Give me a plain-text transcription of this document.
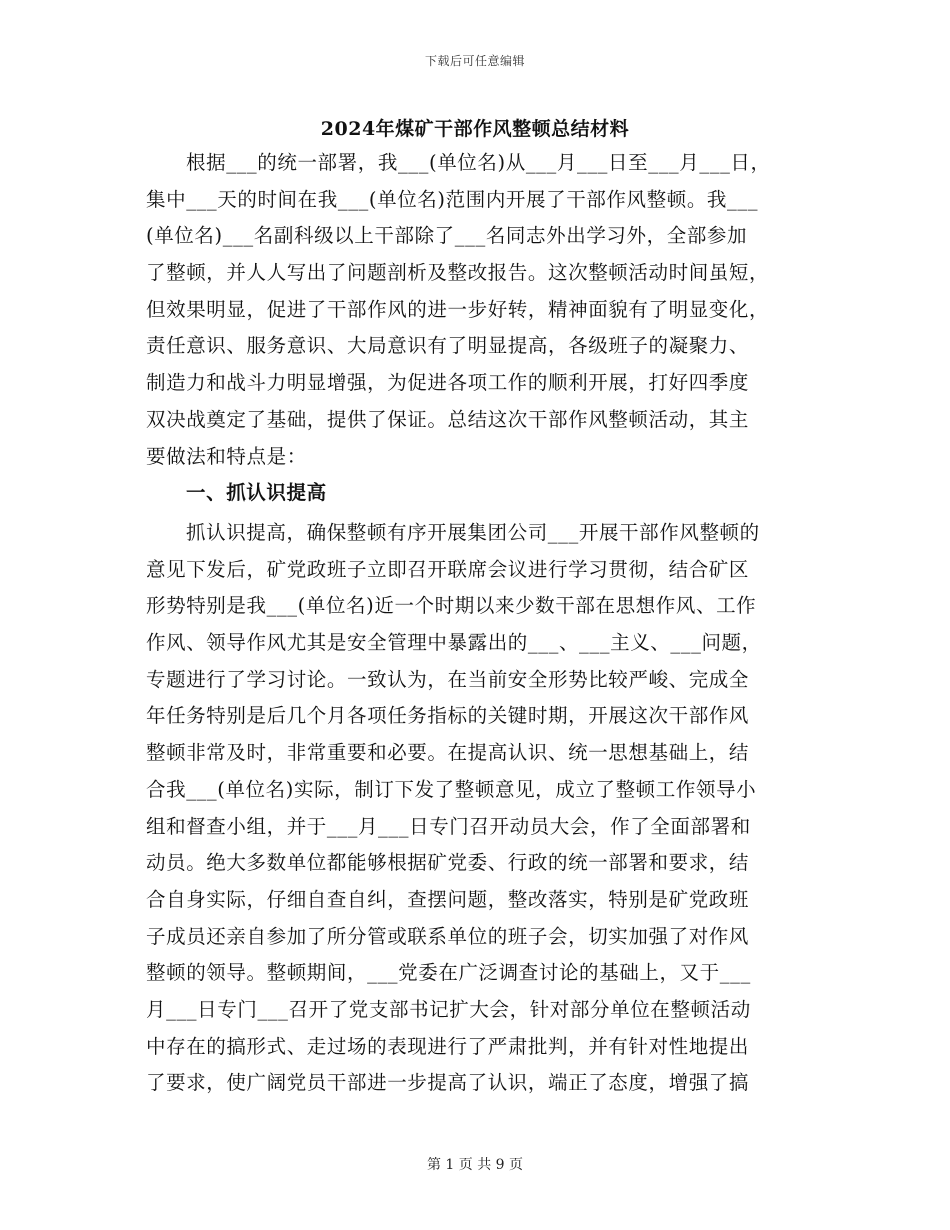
下载后可任意编辑
2024年煤矿干部作风整顿总结材料
根据___的统一部署，我___(单位名)从___月___日至___月___日，
集中___天的时间在我___(单位名)范围内开展了干部作风整顿。我___
(单位名)___名副科级以上干部除了___名同志外出学习外，全部参加
了整顿，并人人写出了问题剖析及整改报告。这次整顿活动时间虽短，
但效果明显，促进了干部作风的进一步好转，精神面貌有了明显变化，
责任意识、服务意识、大局意识有了明显提高，各级班子的凝聚力、
制造力和战斗力明显增强，为促进各项工作的顺利开展，打好四季度
双决战奠定了基础，提供了保证。总结这次干部作风整顿活动，其主
要做法和特点是：
一、抓认识提高
抓认识提高，确保整顿有序开展集团公司___开展干部作风整顿的
意见下发后，矿党政班子立即召开联席会议进行学习贯彻，结合矿区
形势特别是我___(单位名)近一个时期以来少数干部在思想作风、工作
作风、领导作风尤其是安全管理中暴露出的___、___主义、___问题，
专题进行了学习讨论。一致认为，在当前安全形势比较严峻、完成全
年任务特别是后几个月各项任务指标的关键时期，开展这次干部作风
整顿非常及时，非常重要和必要。在提高认识、统一思想基础上，结
合我___(单位名)实际，制订下发了整顿意见，成立了整顿工作领导小
组和督查小组，并于___月___日专门召开动员大会，作了全面部署和
动员。绝大多数单位都能够根据矿党委、行政的统一部署和要求，结
合自身实际，仔细自查自纠，查摆问题，整改落实，特别是矿党政班
子成员还亲自参加了所分管或联系单位的班子会，切实加强了对作风
整顿的领导。整顿期间，___党委在广泛调查讨论的基础上，又于___
月___日专门___召开了党支部书记扩大会，针对部分单位在整顿活动
中存在的搞形式、走过场的表现进行了严肃批判，并有针对性地提出
了要求，使广阔党员干部进一步提高了认识，端正了态度，增强了搞
第 1 页 共 9 页
